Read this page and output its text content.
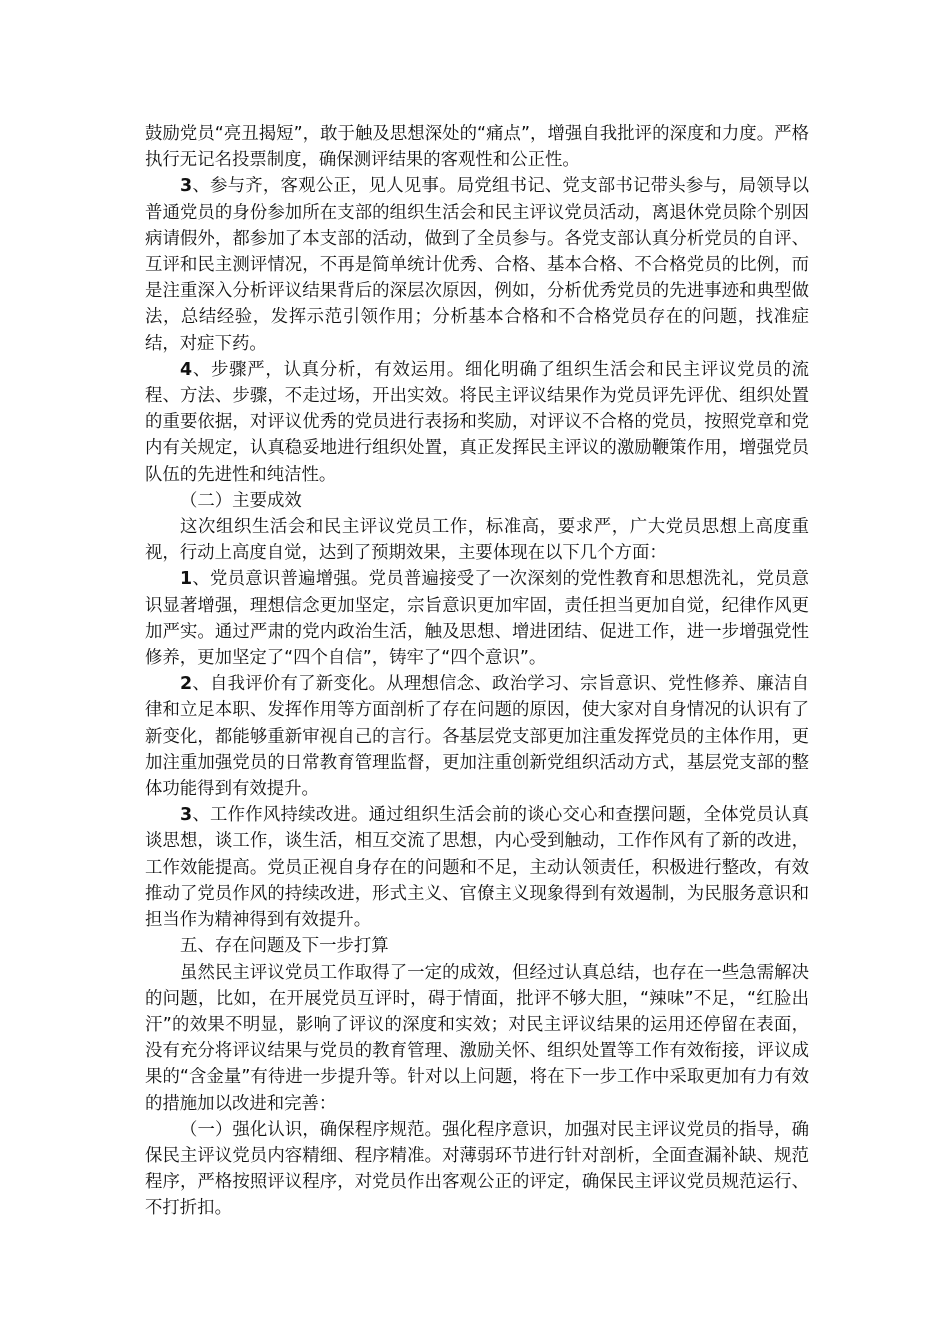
鼓励党员“亮丑揭短”，敢于触及思想深处的“痛点”，增强自我批评的深度和力度。严格执行无记名投票制度，确保测评结果的客观性和公正性。

3、参与齐，客观公正，见人见事。局党组书记、党支部书记带头参与，局领导以普通党员的身份参加所在支部的组织生活会和民主评议党员活动，离退休党员除个别因病请假外，都参加了本支部的活动，做到了全员参与。各党支部认真分析党员的自评、互评和民主测评情况，不再是简单统计优秀、合格、基本合格、不合格党员的比例，而是注重深入分析评议结果背后的深层次原因，例如，分析优秀党员的先进事迹和典型做法，总结经验，发挥示范引领作用；分析基本合格和不合格党员存在的问题，找准症结，对症下药。

4、步骤严，认真分析，有效运用。细化明确了组织生活会和民主评议党员的流程、方法、步骤，不走过场，开出实效。将民主评议结果作为党员评先评优、组织处置的重要依据，对评议优秀的党员进行表扬和奖励，对评议不合格的党员，按照党章和党内有关规定，认真稳妥地进行组织处置，真正发挥民主评议的激励鞭策作用，增强党员队伍的先进性和纯洁性。

（二）主要成效

这次组织生活会和民主评议党员工作，标准高，要求严，广大党员思想上高度重视，行动上高度自觉，达到了预期效果，主要体现在以下几个方面：

1、党员意识普遍增强。党员普遍接受了一次深刻的党性教育和思想洗礼，党员意识显著增强，理想信念更加坚定，宗旨意识更加牢固，责任担当更加自觉，纪律作风更加严实。通过严肃的党内政治生活，触及思想、增进团结、促进工作，进一步增强党性修养，更加坚定了“四个自信”，铸牢了“四个意识”。

2、自我评价有了新变化。从理想信念、政治学习、宗旨意识、党性修养、廉洁自律和立足本职、发挥作用等方面剖析了存在问题的原因，使大家对自身情况的认识有了新变化，都能够重新审视自己的言行。各基层党支部更加注重发挥党员的主体作用，更加注重加强党员的日常教育管理监督，更加注重创新党组织活动方式，基层党支部的整体功能得到有效提升。

3、工作作风持续改进。通过组织生活会前的谈心交心和查摆问题，全体党员认真谈思想，谈工作，谈生活，相互交流了思想，内心受到触动，工作作风有了新的改进，工作效能提高。党员正视自身存在的问题和不足，主动认领责任，积极进行整改，有效推动了党员作风的持续改进，形式主义、官僚主义现象得到有效遏制，为民服务意识和担当作为精神得到有效提升。

五、存在问题及下一步打算

虽然民主评议党员工作取得了一定的成效，但经过认真总结，也存在一些急需解决的问题，比如，在开展党员互评时，碍于情面，批评不够大胆，“辣味”不足，“红脸出汗”的效果不明显，影响了评议的深度和实效；对民主评议结果的运用还停留在表面，没有充分将评议结果与党员的教育管理、激励关怀、组织处置等工作有效衔接，评议成果的“含金量”有待进一步提升等。针对以上问题，将在下一步工作中采取更加有力有效的措施加以改进和完善：

（一）强化认识，确保程序规范。强化程序意识，加强对民主评议党员的指导，确保民主评议党员内容精细、程序精准。对薄弱环节进行针对剖析，全面查漏补缺、规范程序，严格按照评议程序，对党员作出客观公正的评定，确保民主评议党员规范运行、不打折扣。
